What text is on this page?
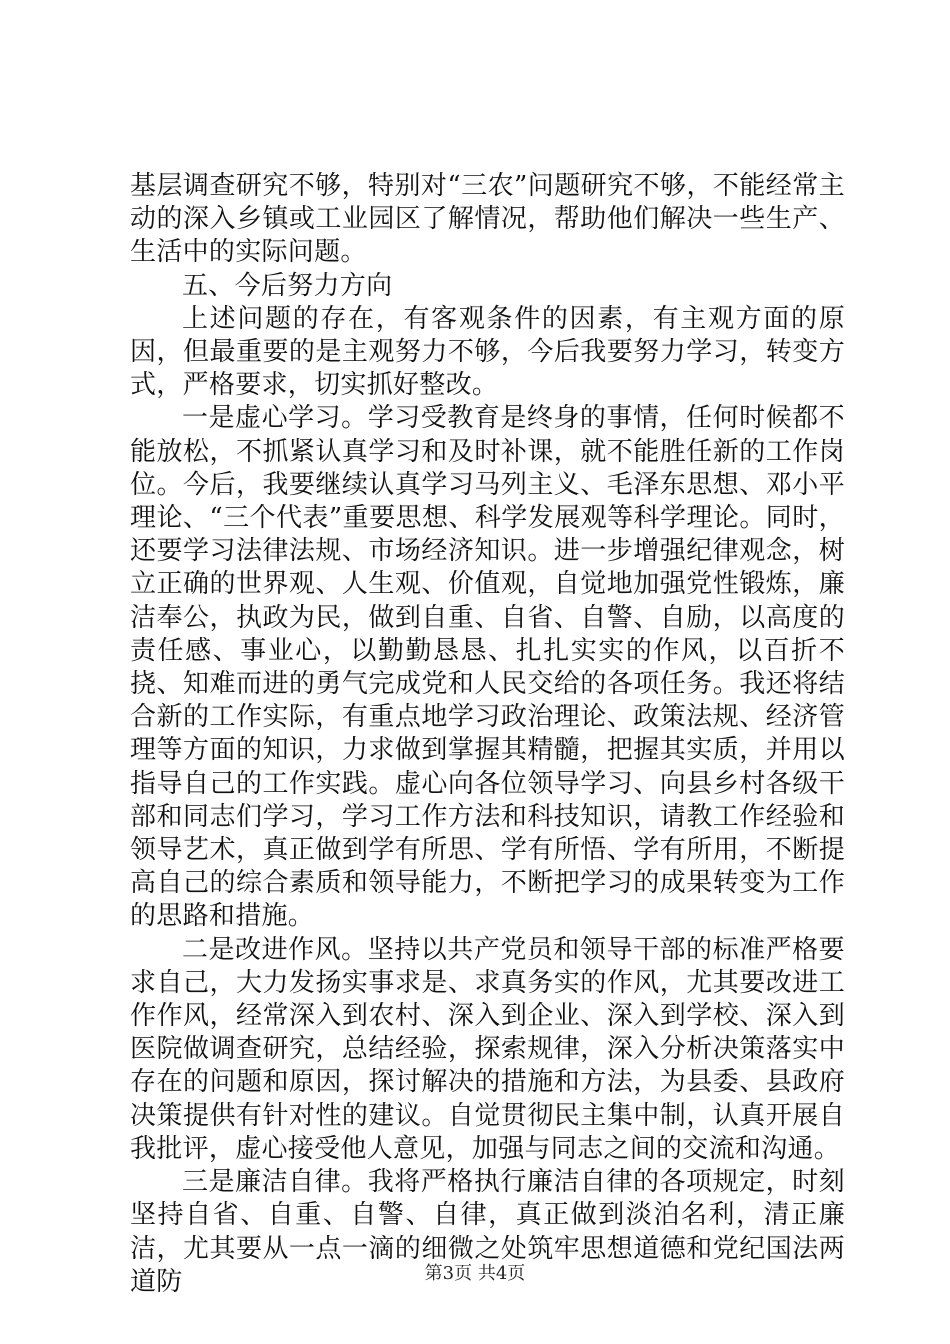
基层调查研究不够，特别对“三农”问题研究不够，不能经常主动的深入乡镇或工业园区了解情况，帮助他们解决一些生产、生活中的实际问题。

五、今后努力方向

上述问题的存在，有客观条件的因素，有主观方面的原因，但最重要的是主观努力不够，今后我要努力学习，转变方式，严格要求，切实抓好整改。

一是虚心学习。学习受教育是终身的事情，任何时候都不能放松，不抓紧认真学习和及时补课，就不能胜任新的工作岗位。今后，我要继续认真学习马列主义、毛泽东思想、邓小平理论、“三个代表”重要思想、科学发展观等科学理论。同时，还要学习法律法规、市场经济知识。进一步增强纪律观念，树立正确的世界观、人生观、价值观，自觉地加强党性锻炼，廉洁奉公，执政为民，做到自重、自省、自警、自励，以高度的责任感、事业心，以勤勤恳恳、扎扎实实的作风，以百折不挠、知难而进的勇气完成党和人民交给的各项任务。我还将结合新的工作实际，有重点地学习政治理论、政策法规、经济管理等方面的知识，力求做到掌握其精髓，把握其实质，并用以指导自己的工作实践。虚心向各位领导学习、向县乡村各级干部和同志们学习，学习工作方法和科技知识，请教工作经验和领导艺术，真正做到学有所思、学有所悟、学有所用，不断提高自己的综合素质和领导能力，不断把学习的成果转变为工作的思路和措施。

二是改进作风。坚持以共产党员和领导干部的标准严格要求自己，大力发扬实事求是、求真务实的作风，尤其要改进工作作风，经常深入到农村、深入到企业、深入到学校、深入到医院做调查研究，总结经验，探索规律，深入分析决策落实中存在的问题和原因，探讨解决的措施和方法，为县委、县政府决策提供有针对性的建议。自觉贯彻民主集中制，认真开展自我批评，虚心接受他人意见，加强与同志之间的交流和沟通。

三是廉洁自律。我将严格执行廉洁自律的各项规定，时刻坚持自省、自重、自警、自律，真正做到淡泊名利，清正廉洁，尤其要从一点一滴的细微之处筑牢思想道德和党纪国法两道防	第3页 共4页
